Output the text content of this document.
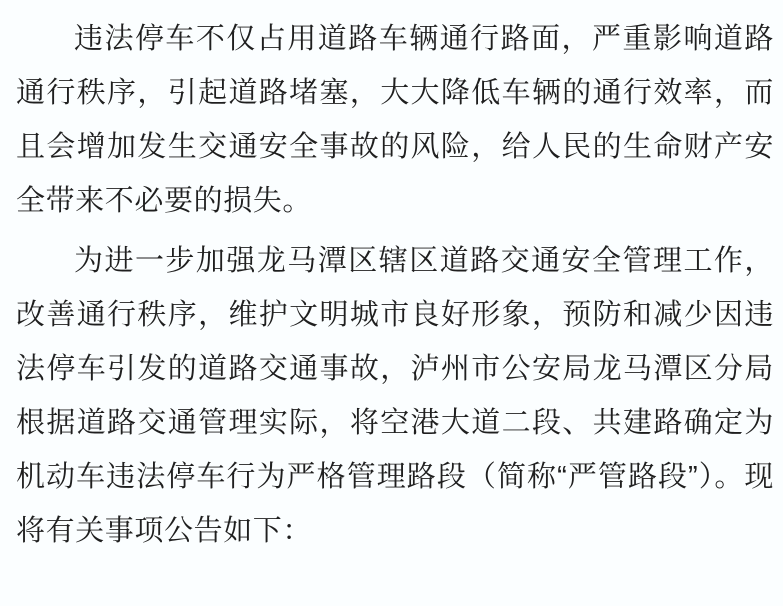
违法停车不仅占用道路车辆通行路面，严重影响道路通行秩序，引起道路堵塞，大大降低车辆的通行效率，而且会增加发生交通安全事故的风险，给人民的生命财产安全带来不必要的损失。

为进一步加强龙马潭区辖区道路交通安全管理工作，改善通行秩序，维护文明城市良好形象，预防和减少因违法停车引发的道路交通事故，泸州市公安局龙马潭区分局根据道路交通管理实际，将空港大道二段、共建路确定为机动车违法停车行为严格管理路段（简称“严管路段”）。现将有关事项公告如下：
